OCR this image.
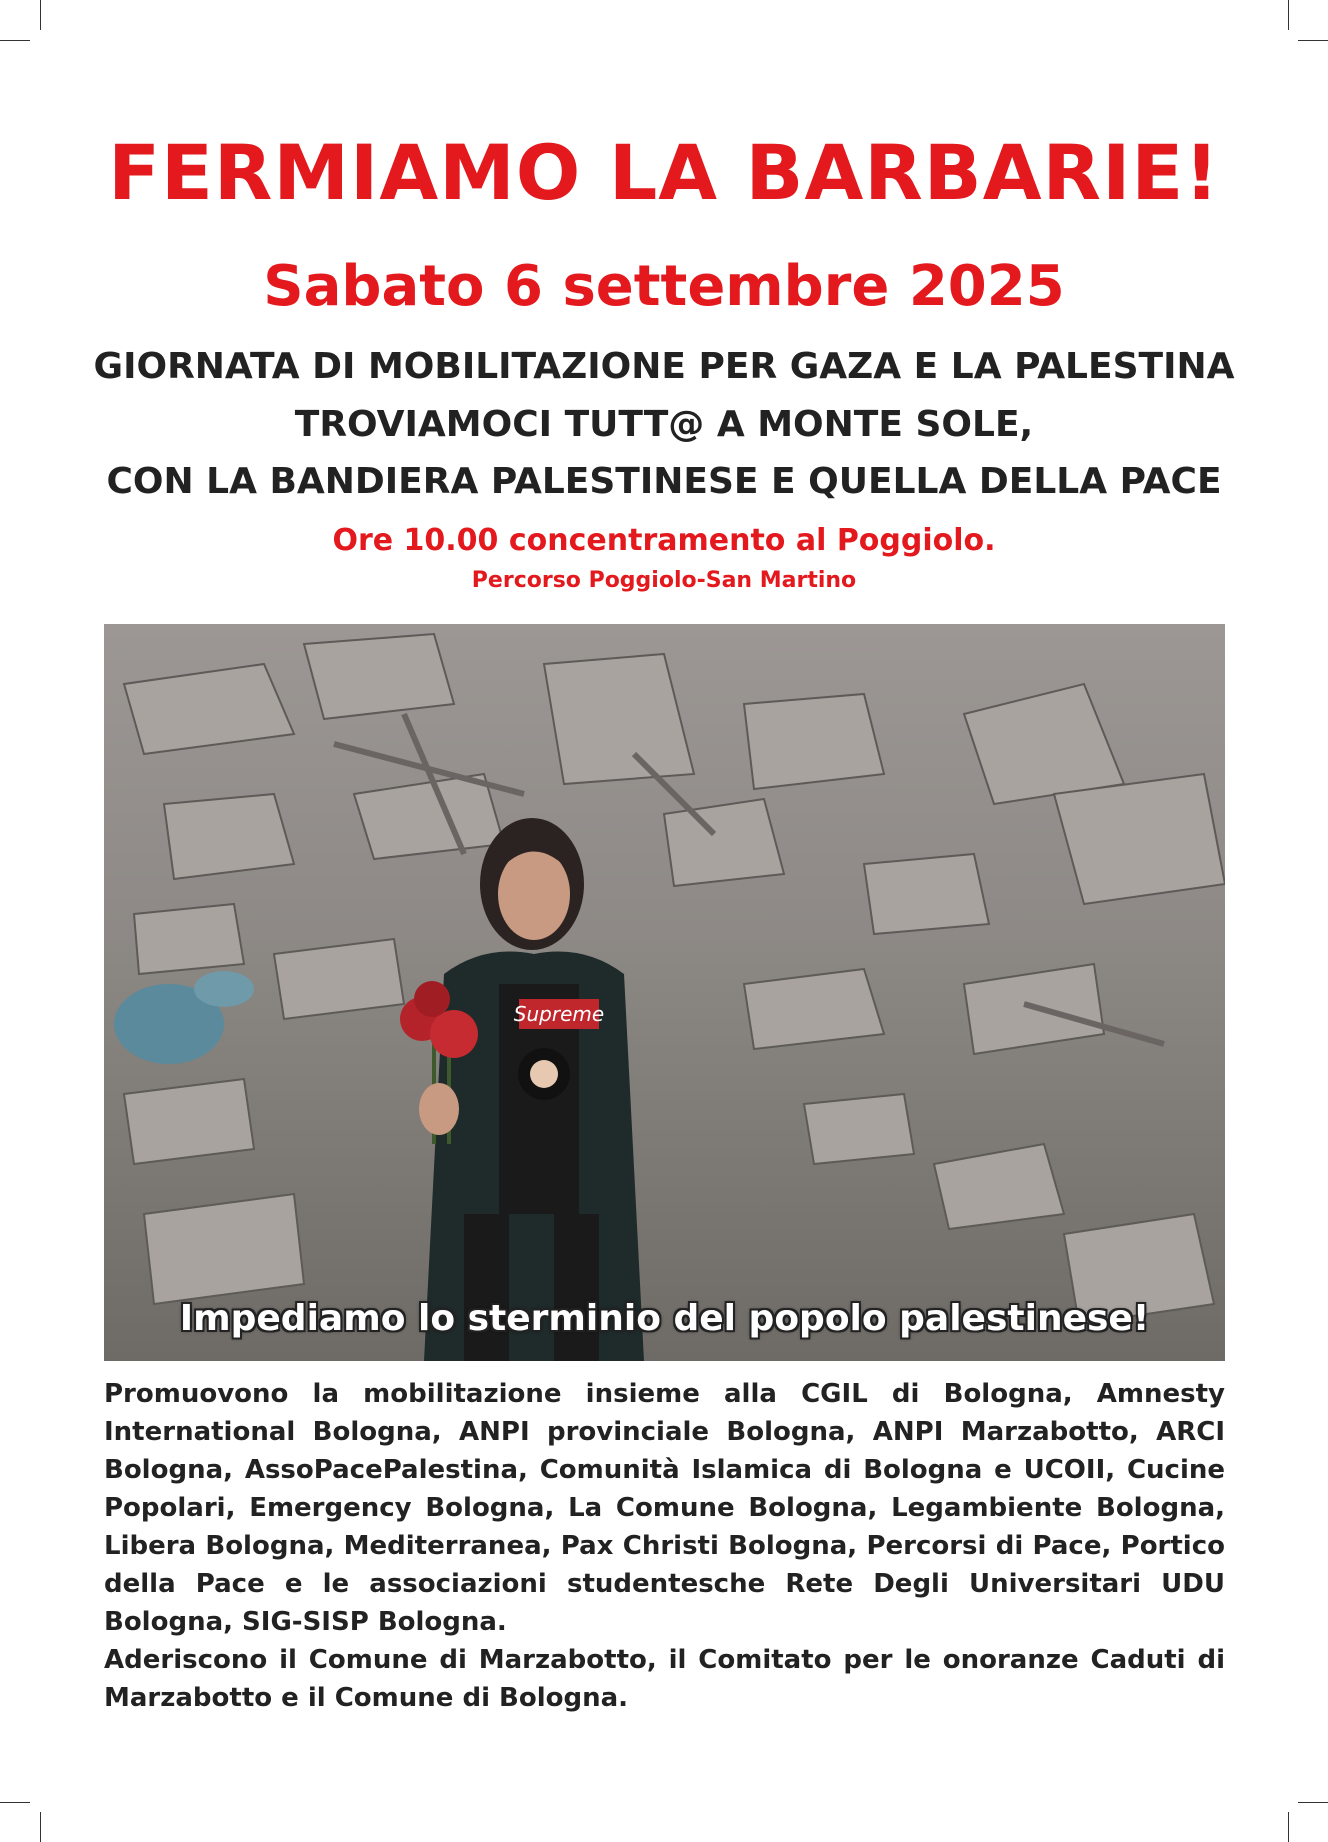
FERMIAMO LA BARBARIE!
Sabato 6 settembre 2025
GIORNATA DI MOBILITAZIONE PER GAZA E LA PALESTINA
TROVIAMOCI TUTT@ A MONTE SOLE,
CON LA BANDIERA PALESTINESE E QUELLA DELLA PACE
Ore 10.00 concentramento al Poggiolo.
Percorso Poggiolo-San Martino
Supreme
Impediamo lo sterminio del popolo palestinese!

Promuovono la mobilitazione insieme alla CGIL di Bologna, Amnesty International Bologna, ANPI provinciale Bologna, ANPI Marzabotto, ARCI Bologna, AssoPacePalestina, Comunità Islamica di Bologna e UCOII, Cucine Popolari, Emergency Bologna, La Comune Bologna, Legambiente Bologna, Libera Bologna, Mediterranea, Pax Christi Bologna, Percorsi di Pace, Portico della Pace e le associazioni studentesche Rete Degli Universitari UDU Bologna, SIG-SISP Bologna.

Aderiscono il Comune di Marzabotto, il Comitato per le onoranze Caduti di Marzabotto e il Comune di Bologna.
